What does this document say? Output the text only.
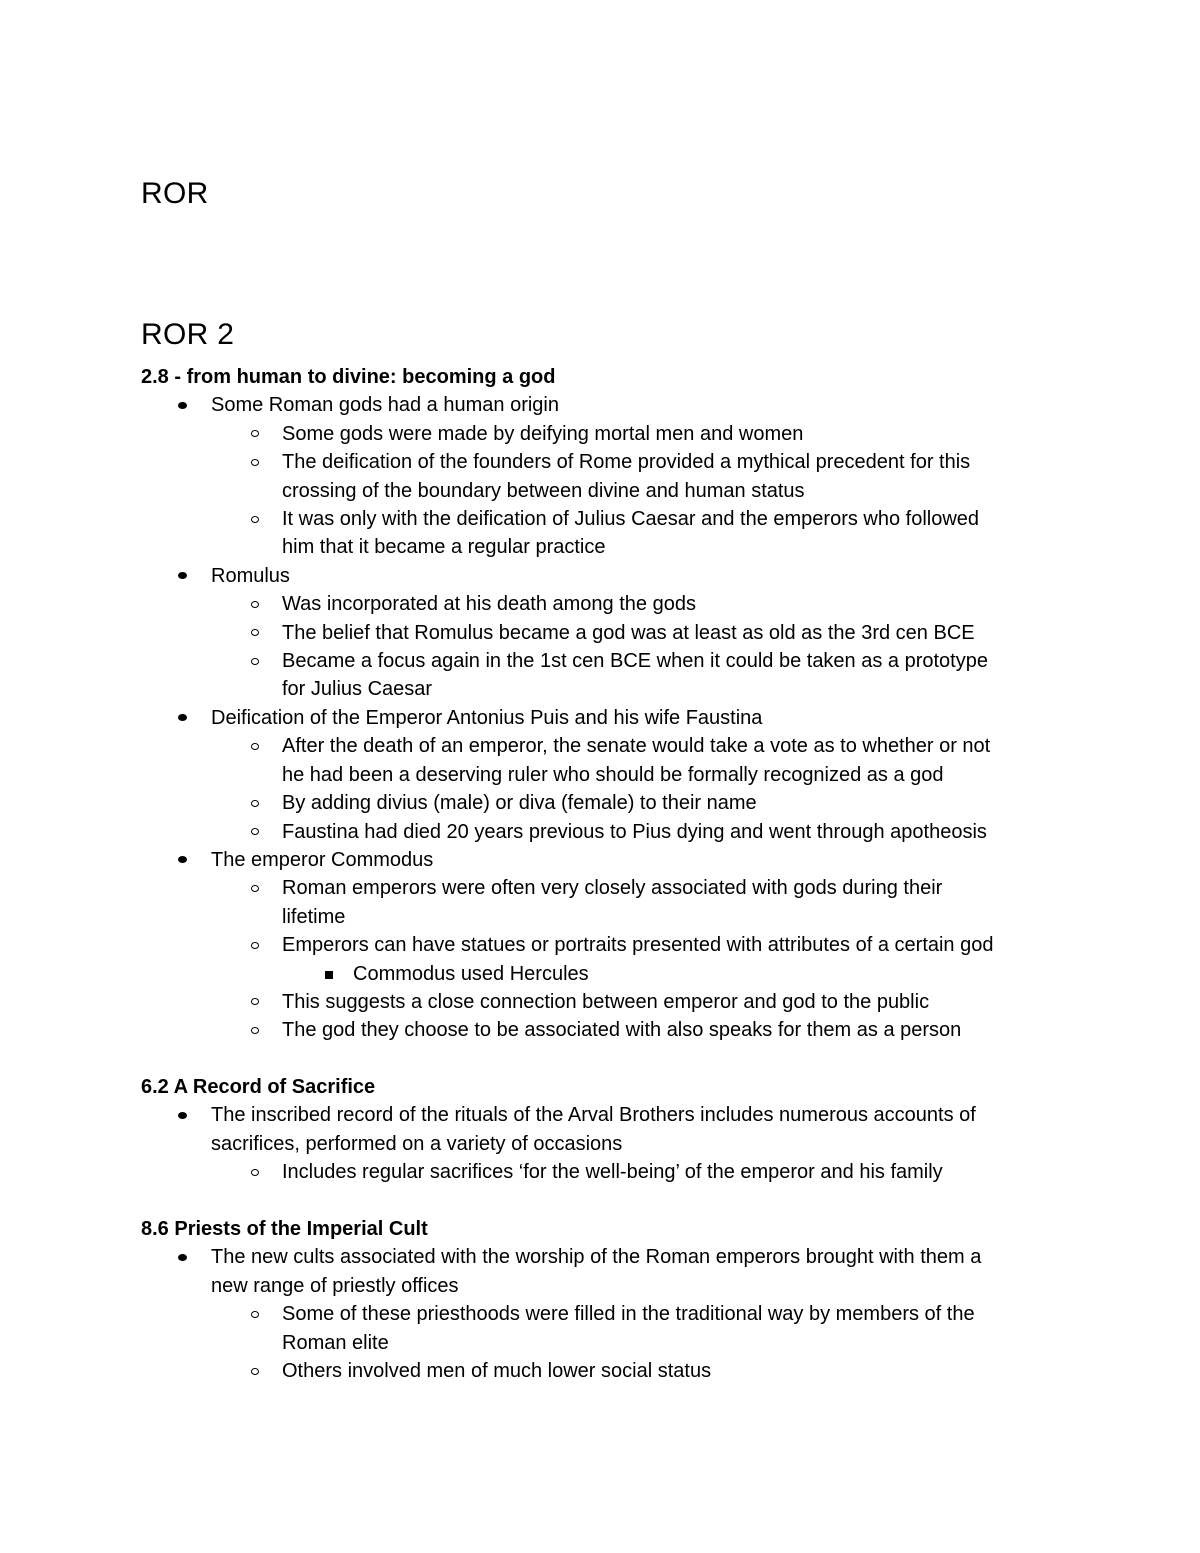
ROR
ROR 2
2.8 - from human to divine: becoming a god
Some Roman gods had a human origin
Some gods were made by deifying mortal men and women
The deification of the founders of Rome provided a mythical precedent for this
crossing of the boundary between divine and human status
It was only with the deification of Julius Caesar and the emperors who followed
him that it became a regular practice
Romulus
Was incorporated at his death among the gods
The belief that Romulus became a god was at least as old as the 3rd cen BCE
Became a focus again in the 1st cen BCE when it could be taken as a prototype
for Julius Caesar
Deification of the Emperor Antonius Puis and his wife Faustina
After the death of an emperor, the senate would take a vote as to whether or not
he had been a deserving ruler who should be formally recognized as a god
By adding divius (male) or diva (female) to their name
Faustina had died 20 years previous to Pius dying and went through apotheosis
The emperor Commodus
Roman emperors were often very closely associated with gods during their
lifetime
Emperors can have statues or portraits presented with attributes of a certain god
Commodus used Hercules
This suggests a close connection between emperor and god to the public
The god they choose to be associated with also speaks for them as a person
6.2 A Record of Sacrifice
The inscribed record of the rituals of the Arval Brothers includes numerous accounts of
sacrifices, performed on a variety of occasions
Includes regular sacrifices ‘for the well-being’ of the emperor and his family
8.6 Priests of the Imperial Cult
The new cults associated with the worship of the Roman emperors brought with them a
new range of priestly offices
Some of these priesthoods were filled in the traditional way by members of the
Roman elite
Others involved men of much lower social status
